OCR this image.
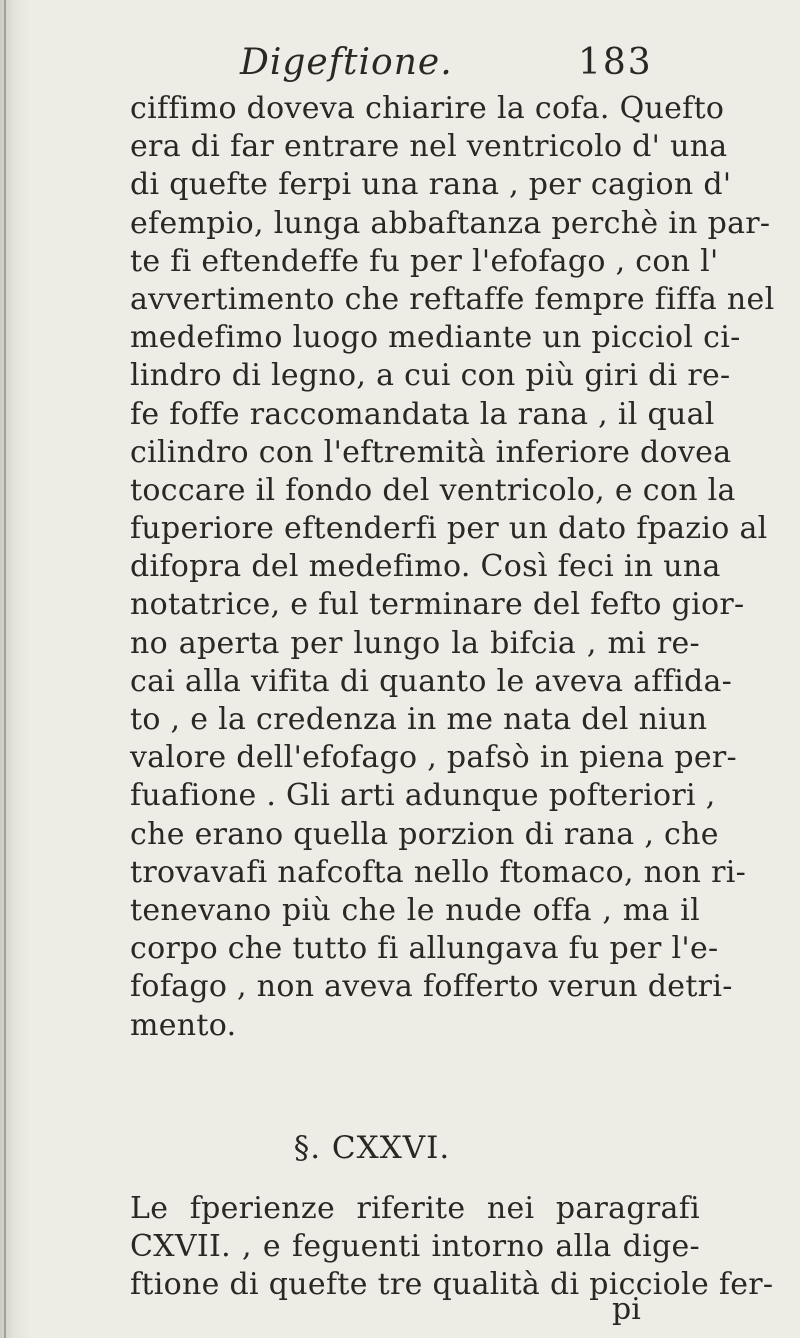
Digeftione.	183
ciffimo doveva chiarire la cofa. Quefto
era di far entrare nel ventricolo d' una
di quefte ferpi una rana , per cagion d'
efempio, lunga abbaftanza perchè in par-
te fi eftendeffe fu per l'efofago , con l'
avvertimento che reftaffe fempre fiffa nel
medefimo luogo mediante un picciol ci-
lindro di legno, a cui con più giri di re-
fe foffe raccomandata la rana , il qual
cilindro con l'eftremità inferiore dovea
toccare il fondo del ventricolo, e con la
fuperiore eftenderfi per un dato fpazio al
difopra del medefimo. Così feci in una
notatrice, e ful terminare del fefto gior-
no aperta per lungo la bifcia , mi re-
cai alla vifita di quanto le aveva affida-
to , e la credenza in me nata del niun
valore dell'efofago , pafsò in piena per-
fuafione . Gli arti adunque pofteriori ,
che erano quella porzion di rana , che
trovavafi nafcofta nello ftomaco, non ri-
tenevano più che le nude offa , ma il
corpo che tutto fi allungava fu per l'e-
fofago , non aveva fofferto verun detri-
mento.
§. CXXVI.
Le fperienze riferite nei paragrafi
CXVII. , e feguenti intorno alla dige-
ftione di quefte tre qualità di picciole fer-
pi
